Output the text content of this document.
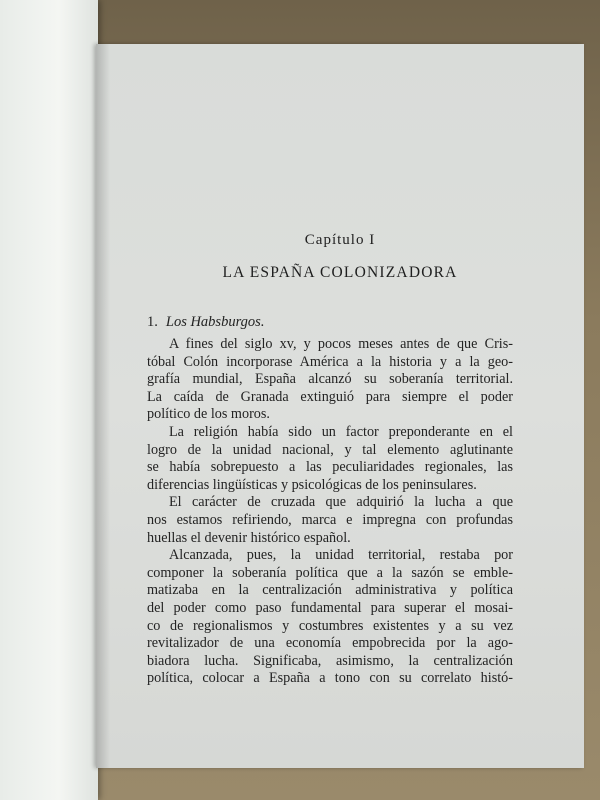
Capítulo I
LA ESPAÑA COLONIZADORA
1. Los Habsburgos.
A fines del siglo xv, y pocos meses antes de que Cris-
tóbal Colón incorporase América a la historia y a la geo-
grafía mundial, España alcanzó su soberanía territorial.
La caída de Granada extinguió para siempre el poder
político de los moros.
La religión había sido un factor preponderante en el
logro de la unidad nacional, y tal elemento aglutinante
se había sobrepuesto a las peculiaridades regionales, las
diferencias lingüísticas y psicológicas de los peninsulares.
El carácter de cruzada que adquirió la lucha a que
nos estamos refiriendo, marca e impregna con profundas
huellas el devenir histórico español.
Alcanzada, pues, la unidad territorial, restaba por
componer la soberanía política que a la sazón se emble-
matizaba en la centralización administrativa y política
del poder como paso fundamental para superar el mosai-
co de regionalismos y costumbres existentes y a su vez
revitalizador de una economía empobrecida por la ago-
biadora lucha. Significaba, asimismo, la centralización
política, colocar a España a tono con su correlato histó-
